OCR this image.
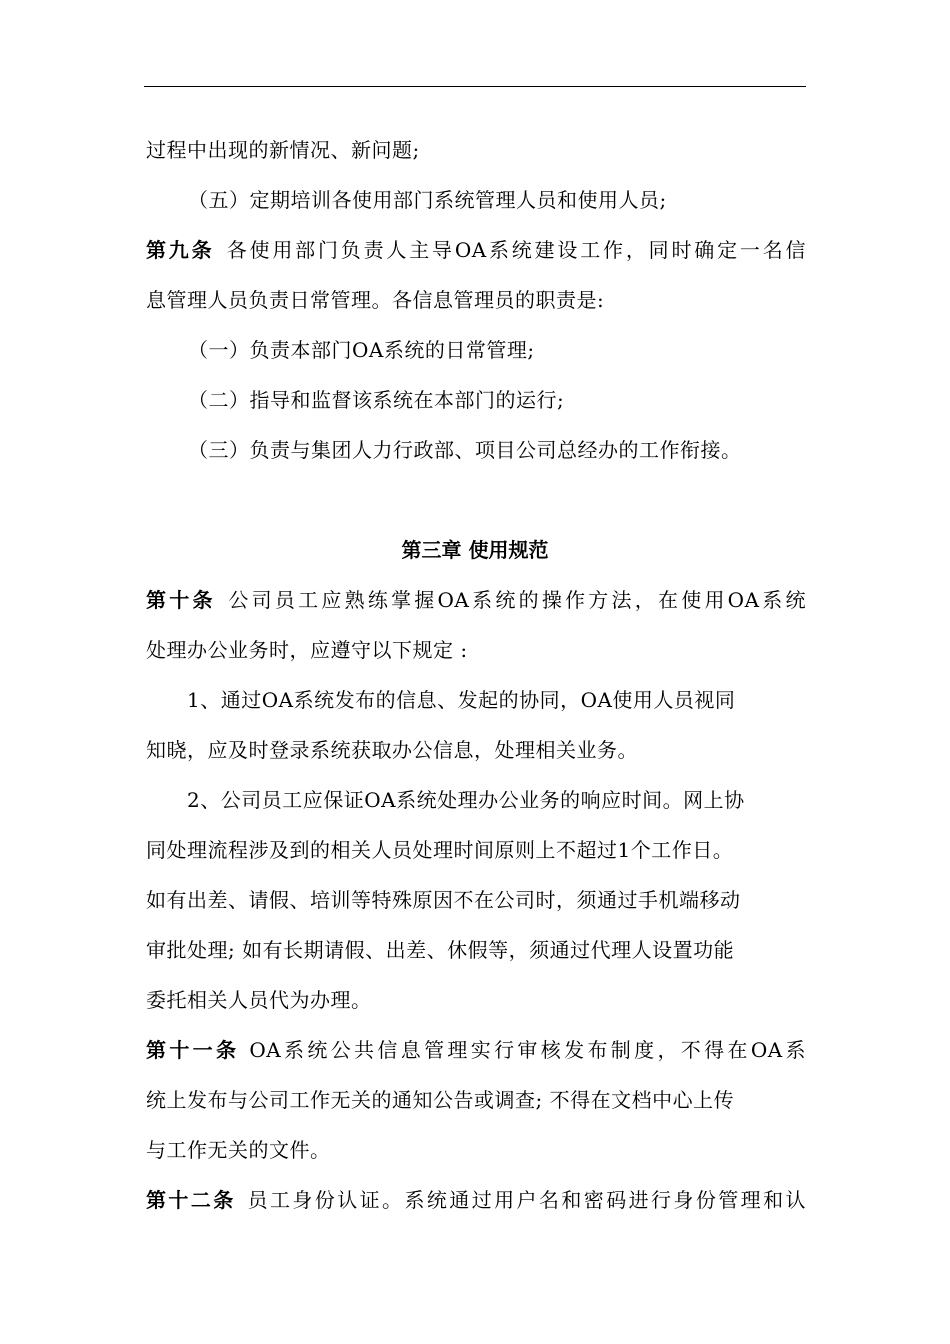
过程中出现的新情况、新问题;
（五）定期培训各使用部门系统管理人员和使用人员;
第九条 各使用部门负责人主导OA系统建设工作，同时确定一名信
息管理人员负责日常管理。各信息管理员的职责是:
（一）负责本部门OA系统的日常管理;
（二）指导和监督该系统在本部门的运行;
（三）负责与集团人力行政部、项目公司总经办的工作衔接。
第三章 使用规范
第十条 公司员工应熟练掌握OA系统的操作方法，在使用OA系统
处理办公业务时，应遵守以下规定 :
1、通过OA系统发布的信息、发起的协同，OA使用人员视同
知晓，应及时登录系统获取办公信息，处理相关业务。
2、公司员工应保证OA系统处理办公业务的响应时间。网上协
同处理流程涉及到的相关人员处理时间原则上不超过1个工作日。
如有出差、请假、培训等特殊原因不在公司时，须通过手机端移动
审批处理; 如有长期请假、出差、休假等，须通过代理人设置功能
委托相关人员代为办理。
第十一条 OA系统公共信息管理实行审核发布制度，不得在OA系
统上发布与公司工作无关的通知公告或调查; 不得在文档中心上传
与工作无关的文件。
第十二条 员工身份认证。系统通过用户名和密码进行身份管理和认
